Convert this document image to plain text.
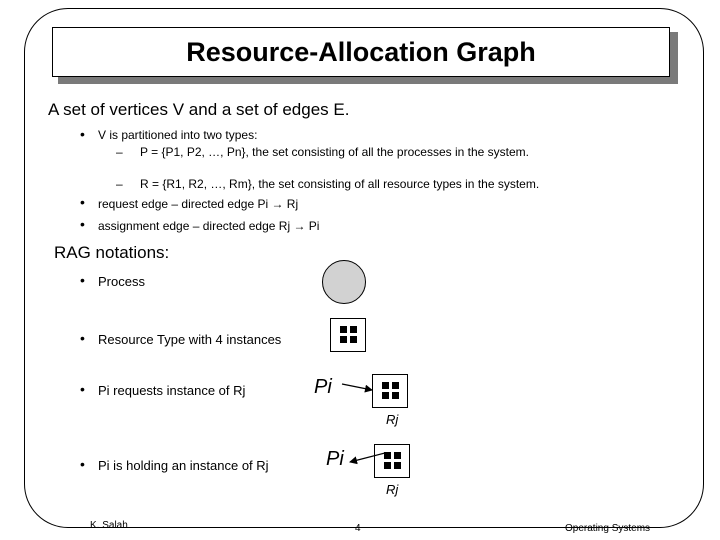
Resource-Allocation Graph
A set of vertices V and a set of edges E.
• V is partitioned into two types:
– P = {P1, P2, …, Pn}, the set consisting of all the processes in the system.
– R = {R1, R2, …, Rm}, the set consisting of all resource types in the system.
• request edge – directed edge Pi → Rj
• assignment edge – directed edge Rj → Pi
RAG notations:
• Process
• Resource Type with 4 instances
• Pi requests instance of Rj	Pi
Rj
• Pi is holding an instance of Rj	Pi
Rj
K. Salah	4	Operating Systems
